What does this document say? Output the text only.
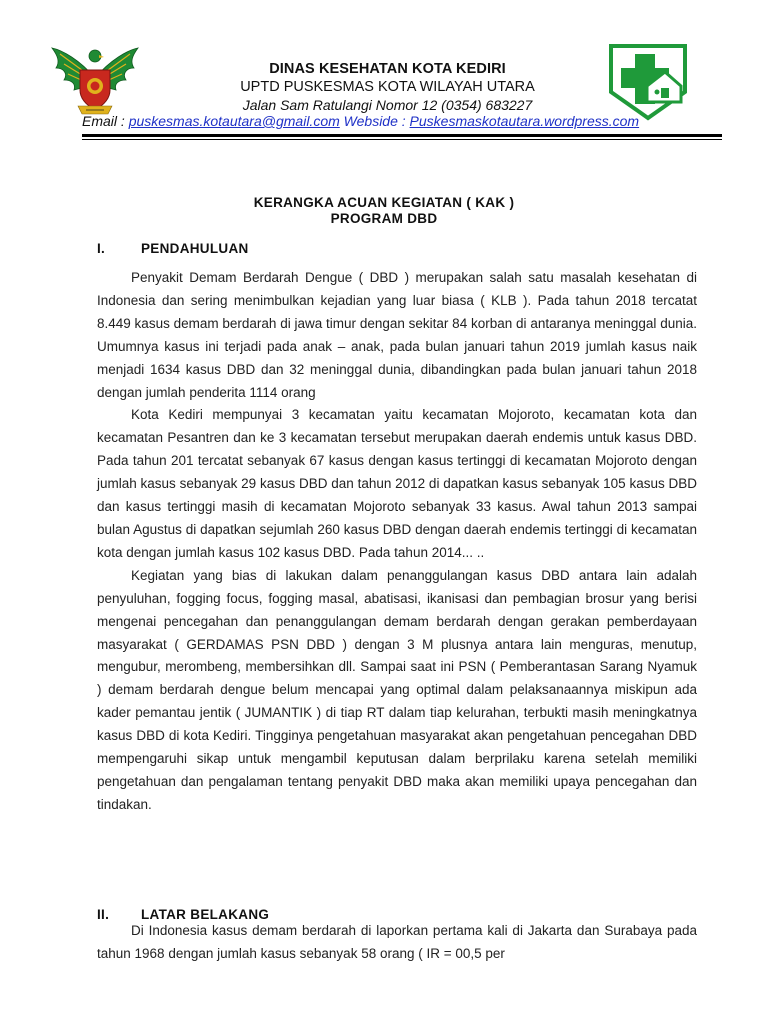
DINAS KESEHATAN KOTA KEDIRI
UPTD PUSKESMAS KOTA WILAYAH UTARA
Jalan Sam Ratulangi Nomor 12 (0354) 683227
Email : puskesmas.kotautara@gmail.com Webside : Puskesmaskotautara.wordpress.com
KERANGKA ACUAN KEGIATAN ( KAK )
PROGRAM DBD
I.	PENDAHULUAN

Penyakit Demam Berdarah Dengue ( DBD ) merupakan salah satu masalah kesehatan di Indonesia dan sering menimbulkan kejadian yang luar biasa ( KLB ). Pada tahun 2018 tercatat 8.449 kasus demam berdarah di jawa timur dengan sekitar 84 korban di antaranya meninggal dunia. Umumnya kasus ini terjadi pada anak – anak, pada bulan januari tahun 2019 jumlah kasus naik menjadi 1634 kasus DBD dan 32 meninggal dunia, dibandingkan pada bulan januari tahun 2018 dengan jumlah penderita 1114 orang

Kota Kediri mempunyai 3 kecamatan yaitu kecamatan Mojoroto, kecamatan kota dan kecamatan Pesantren dan ke 3 kecamatan tersebut merupakan daerah endemis untuk kasus DBD. Pada tahun 201 tercatat sebanyak 67 kasus dengan kasus tertinggi di kecamatan Mojoroto dengan jumlah kasus sebanyak 29 kasus DBD dan tahun 2012 di dapatkan kasus sebanyak 105 kasus DBD dan kasus tertinggi masih di kecamatan Mojoroto sebanyak 33 kasus. Awal tahun 2013 sampai bulan Agustus di dapatkan sejumlah 260 kasus DBD dengan daerah endemis tertinggi di kecamatan kota dengan jumlah kasus 102 kasus DBD. Pada tahun 2014... ..

Kegiatan yang bias di lakukan dalam penanggulangan kasus DBD antara lain adalah penyuluhan, fogging focus, fogging masal, abatisasi, ikanisasi dan pembagian brosur yang berisi mengenai pencegahan dan penanggulangan demam berdarah dengan gerakan pemberdayaan masyarakat ( GERDAMAS PSN DBD ) dengan 3 M plusnya antara lain menguras, menutup, mengubur, merombeng, membersihkan dll. Sampai saat ini PSN ( Pemberantasan Sarang Nyamuk ) demam berdarah dengue belum mencapai yang optimal dalam pelaksanaannya miskipun ada kader pemantau jentik ( JUMANTIK ) di tiap RT dalam tiap kelurahan, terbukti masih meningkatnya kasus DBD di kota Kediri. Tingginya pengetahuan masyarakat akan pengetahuan pencegahan DBD mempengaruhi sikap untuk mengambil keputusan dalam berprilaku karena setelah memiliki pengetahuan dan pengalaman tentang penyakit DBD maka akan memiliki upaya pencegahan dan tindakan.

II. LATAR BELAKANG

Di Indonesia kasus demam berdarah di laporkan pertama kali di Jakarta dan Surabaya pada tahun 1968 dengan jumlah kasus sebanyak 58 orang ( IR = 00,5 per
